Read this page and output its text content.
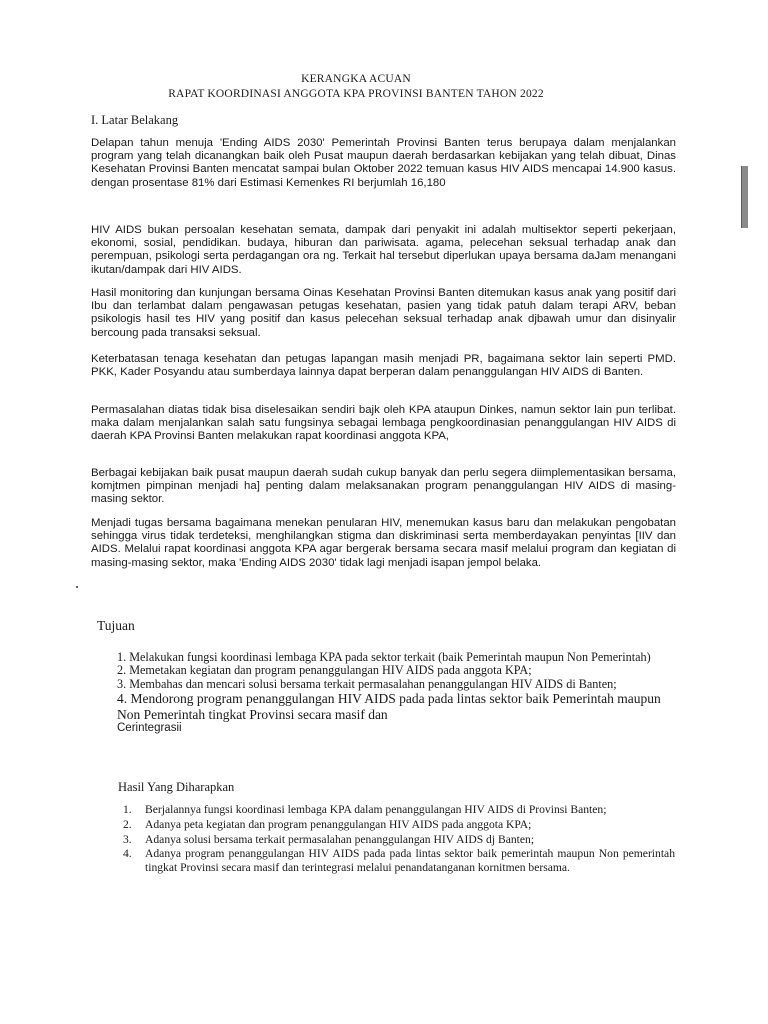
KERANGKA ACUAN
RAPAT KOORDINASI ANGGOTA KPA PROVINSI BANTEN TAHON 2022
I. Latar Belakang
Delapan tahun menuja 'Ending AIDS 2030' Pemerintah Provinsi Banten terus berupaya dalam menjalankan program yang telah dicanangkan baik oleh Pusat maupun daerah berdasarkan kebijakan yang telah dibuat, Dinas Kesehatan Provinsi Banten mencatat sampai bulan Oktober 2022 temuan kasus HIV AIDS mencapai 14.900 kasus. dengan prosentase 81% dari Estimasi Kemenkes RI berjumlah 16,180
HIV AIDS bukan persoalan kesehatan semata, dampak dari penyakit ini adalah multisektor seperti pekerjaan, ekonomi, sosial, pendidikan. budaya, hiburan dan pariwisata. agama, pelecehan seksual terhadap anak dan perempuan, psikologi serta perdagangan ora ng. Terkait hal tersebut diperlukan upaya bersama daJam menangani ikutan/dampak dari HIV AIDS.
Hasil monitoring dan kunjungan bersama Oinas Kesehatan Provinsi Banten ditemukan kasus anak yang positif dari Ibu dan terlambat dalam pengawasan petugas kesehatan, pasien yang tidak patuh dalam terapi ARV, beban psikologis hasil tes HIV yang positif dan kasus pelecehan seksual terhadap anak djbawah umur dan disinyalir bercoung pada transaksi seksual.
Keterbatasan tenaga kesehatan dan petugas lapangan masih menjadi PR, bagaimana sektor lain seperti PMD. PKK, Kader Posyandu atau sumberdaya lainnya dapat berperan dalam penanggulangan HIV AIDS di Banten.
Permasalahan diatas tidak bisa diselesaikan sendiri bajk oleh KPA ataupun Dinkes, namun sektor lain pun terlibat. maka dalam menjalankan salah satu fungsinya sebagai lembaga pengkoordinasian penanggulangan HIV AIDS di daerah KPA Provinsi Banten melakukan rapat koordinasi anggota KPA,
Berbagai kebijakan baik pusat maupun daerah sudah cukup banyak dan perlu segera diimplementasikan bersama, komjtmen pimpinan menjadi ha] penting dalam melaksanakan program penanggulangan HIV AIDS di masing-masing sektor.
Menjadi tugas bersama bagaimana menekan penularan HIV, menemukan kasus baru dan melakukan pengobatan sehingga virus tidak terdeteksi, menghilangkan stigma dan diskriminasi serta memberdayakan penyintas [IIV dan AIDS. Melalui rapat koordinasi anggota KPA agar bergerak bersama secara masif melalui program dan kegiatan di masing-masing sektor, maka 'Ending AIDS 2030' tidak lagi menjadi isapan jempol belaka.
Tujuan
1. Melakukan fungsi koordinasi lembaga KPA pada sektor terkait (baik Pemerintah maupun Non Pemerintah)
2. Memetakan kegiatan dan program penanggulangan HIV AIDS pada anggota KPA;
3. Membahas dan mencari solusi bersama terkait permasalahan penanggulangan HIV AIDS di Banten;
4. Mendorong program penanggulangan HIV AIDS pada pada lintas sektor baik Pemerintah maupun Non Pemerintah tingkat Provinsi secara masif dan
Cerintegrasii
Hasil Yang Diharapkan
1.	Berjalannya fungsi koordinasi lembaga KPA dalam penanggulangan HIV AIDS di Provinsi Banten;
2.	Adanya peta kegiatan dan program penanggulangan HIV AIDS pada anggota KPA;
3.	Adanya solusi bersama terkait permasalahan penanggulangan HIV AIDS dj Banten;
4.	Adanya program penanggulangan HIV AIDS pada pada lintas sektor baik pemerintah maupun Non pemerintah tingkat Provinsi secara masif dan terintegrasi melalui penandatanganan kornitmen bersama.
